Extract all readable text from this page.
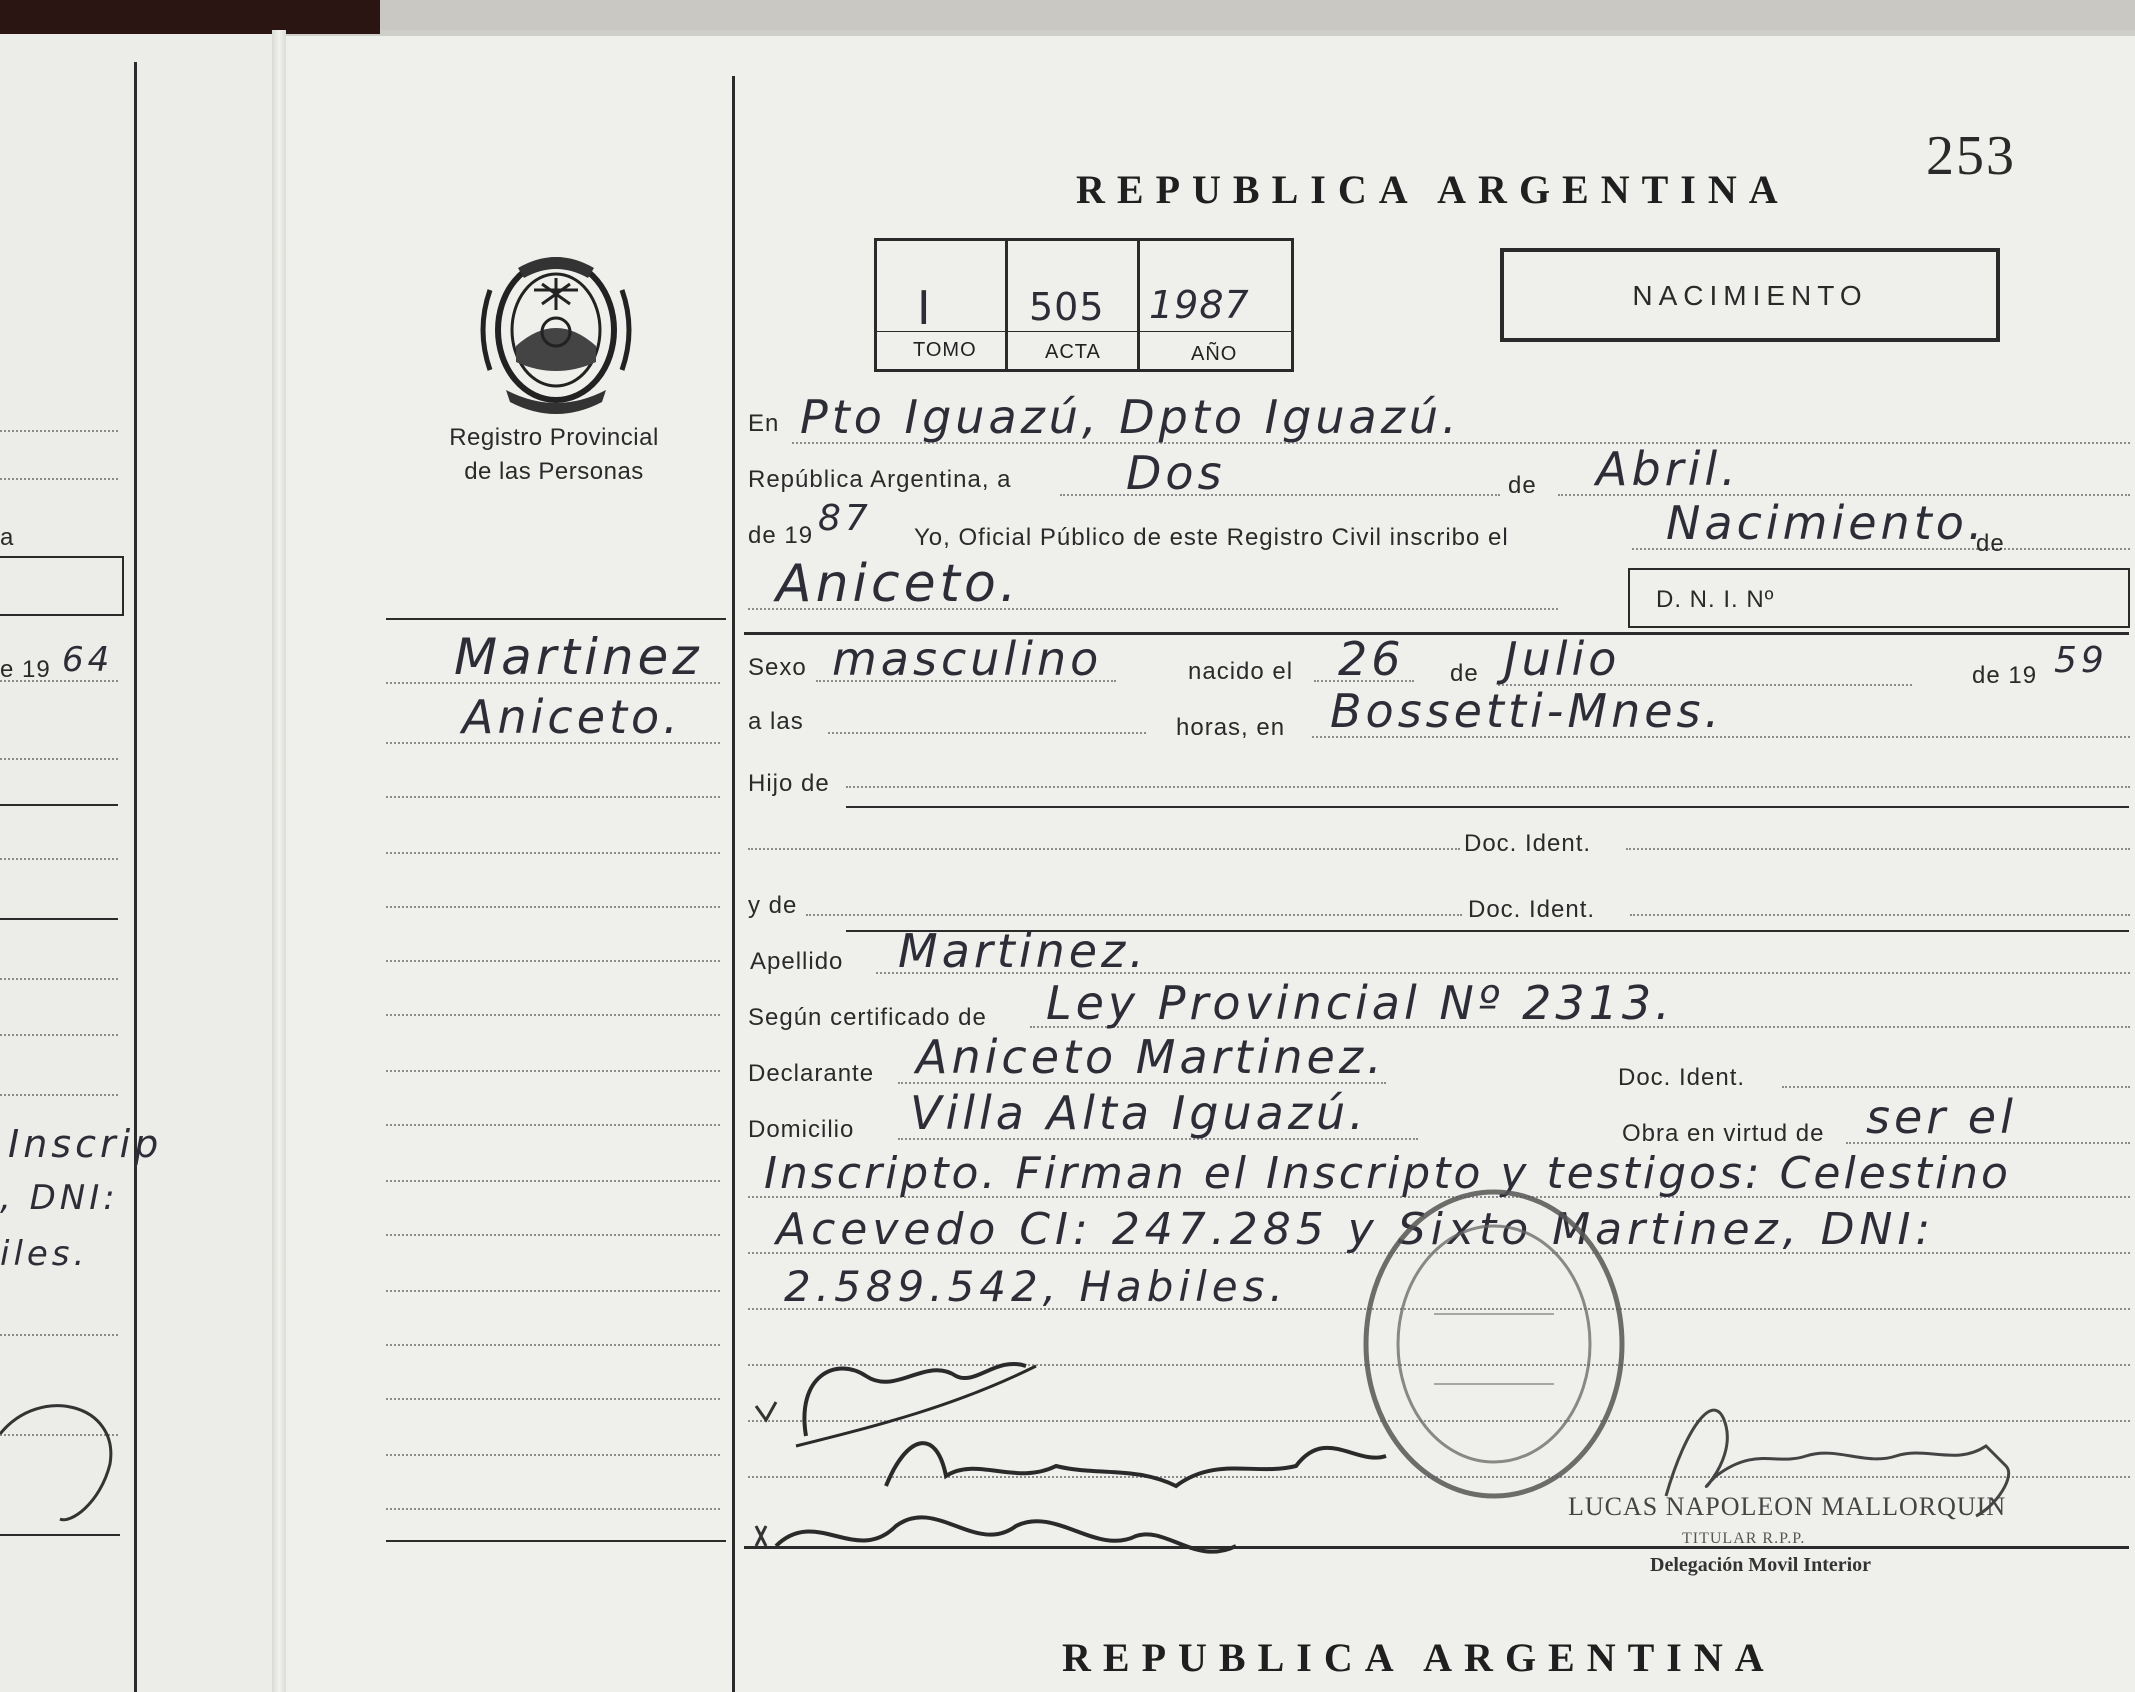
a
e 19 64
Inscrip
, DNI:
iles.
253
REPUBLICA ARGENTINA
Registro Provincial
de las Personas
I 505 1987
TOMO	ACTA	AÑO
NACIMIENTO
Martinez
Aniceto.
En Pto Iguazú, Dpto Iguazú.
República Argentina, a Dos	de Abril.
de 19 87 Yo, Oficial Público de este Registro Civil inscribo el	Nacimiento.
de
Aniceto.	D. N. I. Nº
Sexo masculino	nacido el 26 de Julio	de 19 59
a las	horas, en Bossetti-Mnes.
Hijo de
Doc. Ident.
y de	Doc. Ident.
Apellido Martinez.
Según certificado de Ley Provincial Nº 2313.
Declarante Aniceto Martinez.	Doc. Ident.
Domicilio Villa Alta Iguazú.	Obra en virtud de ser el
Inscripto. Firman el Inscripto y testigos: Celestino
Acevedo CI: 247.285 y Sixto Martinez, DNI:
2.589.542, Habiles.
LUCAS NAPOLEON MALLORQUIN
TITULAR R.P.P.
Delegación Movil Interior
REPUBLICA ARGENTINA
